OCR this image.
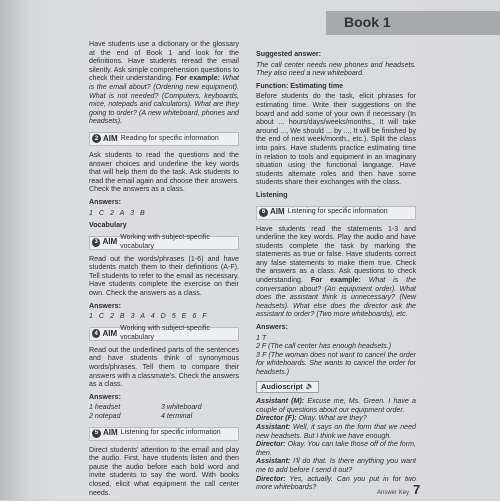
Book 1

Have students use a dictionary or the glossary at the end of Book 1 and look for the definitions. Have students reread the email silently. Ask simple comprehension questions to check their understanding. For example: What is the email about? (Ordering new equipment). What is not needed? (Computers, keyboards, mice, notepads and calculators). What are they going to order? (A new whiteboard, phones and headsets).

2 AIM Reading for specific information

Ask students to read the questions and the answer choices and underline the key words that will help them do the task. Ask students to read the email again and choose their answers. Check the answers as a class.

Answers:
1 C 2 A 3 B
Vocabulary
3 AIM Working with subject-specific vocabulary

Read out the words/phrases (1-6) and have students match them to their definitions (A-F). Tell students to refer to the email as necessary. Have students complete the exercise on their own. Check the answers as a class.

Answers:
1 C 2 B 3 A 4 D 5 E 6 F
4 AIM Working with subject-specific vocabulary

Read out the underlined parts of the sentences and have students think of synonymous words/phrases. Tell them to compare their answers with a classmate's. Check the answers as a class.

Answers:
1 headset	3 whiteboard
2 notepad	4 terminal
5 AIM Listening for specific information

Direct students' attention to the email and play the audio. First, have students listen and then pause the audio before each bold word and invite students to say the word. With books closed, elicit what equipment the call center needs.

Suggested answer:

The call center needs new phones and headsets. They also need a new whiteboard.

Function: Estimating time

Before students do the task, elicit phrases for estimating time. Write their suggestions on the board and add some of your own if necessary (In about ... hours/days/weeks/months., It will take around ..., We should ... by ..., It will be finished by the end of next week/month., etc.). Split the class into pairs. Have students practice estimating time in relation to tools and equipment in an imaginary situation using the functional language. Have students alternate roles and then have some students share their exchanges with the class.

Listening
6 AIM Listening for specific information

Have students read the statements 1-3 and underline the key words. Play the audio and have students complete the task by marking the statements as true or false. Have students correct any false statements to make them true. Check the answers as a class. Ask questions to check understanding. For example: What is the conversation about? (An equipment order). What does the assistant think is unnecessary? (New headsets). What else does the director ask the assistant to order? (Two more whiteboards), etc.

Answers:

1 T

2 F (The call center has enough headsets.)

3 F (The woman does not want to cancel the order for whiteboards. She wants to cancel the order for headsets.)

Audioscript 🔈

Assistant (M): Excuse me, Ms. Green. I have a couple of questions about our equipment order.

Director (F): Okay. What are they?

Assistant: Well, it says on the form that we need new headsets. But I think we have enough.

Director: Okay. You can take those off of the form, then.

Assistant: I'll do that. Is there anything you want me to add before I send it out?

Director: Yes, actually. Can you put in for two more whiteboards?

Answer Key 7
